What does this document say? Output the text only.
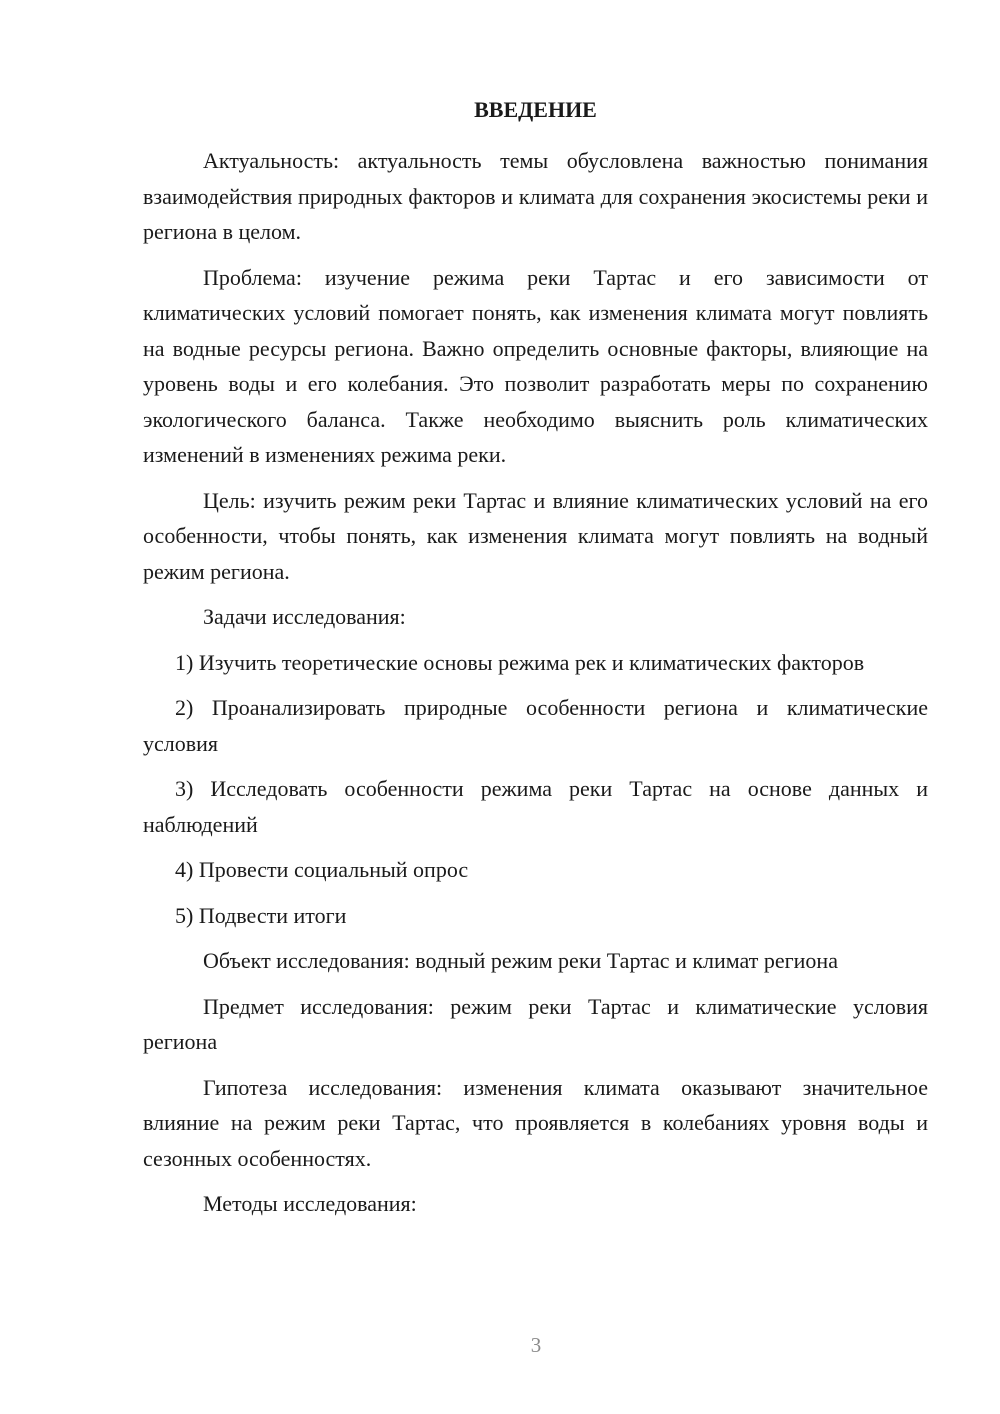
ВВЕДЕНИЕ

Актуальность: актуальность темы обусловлена важностью понимания взаимодействия природных факторов и климата для сохранения экосистемы реки и региона в целом.

Проблема: изучение режима реки Тартас и его зависимости от климатических условий помогает понять, как изменения климата могут повлиять на водные ресурсы региона. Важно определить основные факторы, влияющие на уровень воды и его колебания. Это позволит разработать меры по сохранению экологического баланса. Также необходимо выяснить роль климатических изменений в изменениях режима реки.

Цель: изучить режим реки Тартас и влияние климатических условий на его особенности, чтобы понять, как изменения климата могут повлиять на водный режим региона.

Задачи исследования:

1) Изучить теоретические основы режима рек и климатических факторов

2) Проанализировать природные особенности региона и климатические условия

3) Исследовать особенности режима реки Тартас на основе данных и наблюдений

4) Провести социальный опрос

5) Подвести итоги

Объект исследования: водный режим реки Тартас и климат региона

Предмет исследования: режим реки Тартас и климатические условия региона

Гипотеза исследования: изменения климата оказывают значительное влияние на режим реки Тартас, что проявляется в колебаниях уровня воды и сезонных особенностях.

Методы исследования:

3
